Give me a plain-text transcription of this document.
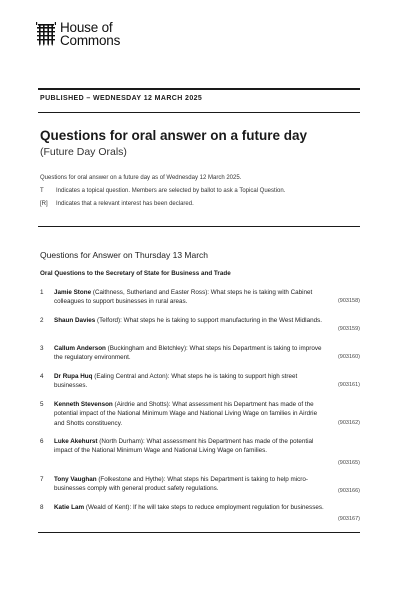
House of
Commons
PUBLISHED – WEDNESDAY 12 MARCH 2025
Questions for oral answer on a future day
(Future Day Orals)
Questions for oral answer on a future day as of Wednesday 12 March 2025.
T	Indicates a topical question. Members are selected by ballot to ask a Topical Question.
[R]	Indicates that a relevant interest has been declared.
Questions for Answer on Thursday 13 March
Oral Questions to the Secretary of State for Business and Trade
1 Jamie Stone (Caithness, Sutherland and Easter Ross): What steps he is taking with Cabinet colleagues to support businesses in rural areas.	(903158)
2 Shaun Davies (Telford): What steps he is taking to support manufacturing in the West Midlands.
(903159)
3 Callum Anderson (Buckingham and Bletchley): What steps his Department is taking to improve the regulatory environment.	(903160)
4 Dr Rupa Huq (Ealing Central and Acton): What steps he is taking to support high street businesses.	(903161)
5 Kenneth Stevenson (Airdrie and Shotts): What assessment his Department has made of the potential impact of the National Minimum Wage and National Living Wage on families in Airdrie and Shotts constituency.	(903162)
6 Luke Akehurst (North Durham): What assessment his Department has made of the potential impact of the National Minimum Wage and National Living Wage on families.
(903165)
7 Tony Vaughan (Folkestone and Hythe): What steps his Department is taking to help micro-businesses comply with general product safety regulations.	(903166)
8 Katie Lam (Weald of Kent): If he will take steps to reduce employment regulation for businesses.
(903167)
